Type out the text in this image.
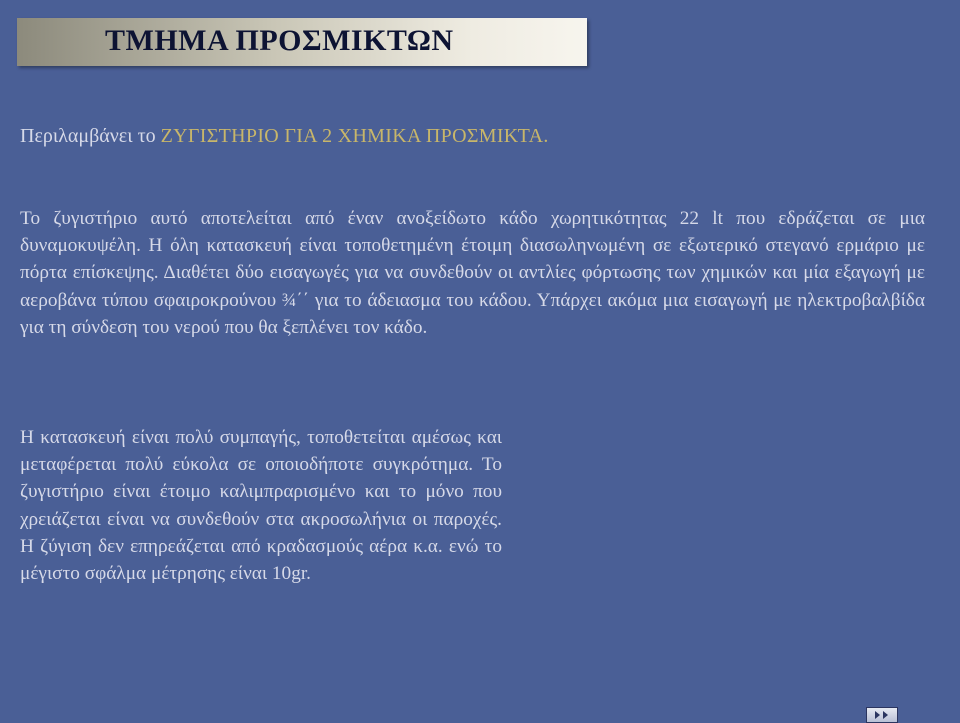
ΤΜΗΜΑ ΠΡΟΣΜΙΚΤΩΝ
Περιλαμβάνει το ΖΥΓΙΣΤΗΡΙΟ ΓΙΑ 2 ΧΗΜΙΚΑ ΠΡΟΣΜΙΚΤΑ.
Το ζυγιστήριο αυτό αποτελείται από έναν ανοξείδωτο κάδο χωρητικότητας 22 lt που εδράζεται σε μια δυναμοκυψέλη. Η όλη κατασκευή είναι τοποθετημένη έτοιμη διασωληνωμένη σε εξωτερικό στεγανό ερμάριο με πόρτα επίσκεψης. Διαθέτει δύο εισαγωγές για να συνδεθούν οι αντλίες φόρτωσης των χημικών και μία εξαγωγή με αεροβάνα τύπου σφαιροκρούνου ¾΄΄ για το άδειασμα του κάδου. Υπάρχει ακόμα μια εισαγωγή με ηλεκτροβαλβίδα για τη σύνδεση του νερού που θα ξεπλένει τον κάδο.
Η κατασκευή είναι πολύ συμπαγής, τοποθετείται αμέσως και μεταφέρεται πολύ εύκολα σε οποιοδήποτε συγκρότημα. Το ζυγιστήριο είναι έτοιμο καλιμπραρισμένο και το μόνο που χρειάζεται είναι να συνδεθούν στα ακροσωλήνια οι παροχές. Η ζύγιση δεν επηρεάζεται από κραδασμούς αέρα κ.α. ενώ το μέγιστο σφάλμα μέτρησης είναι 10gr.
